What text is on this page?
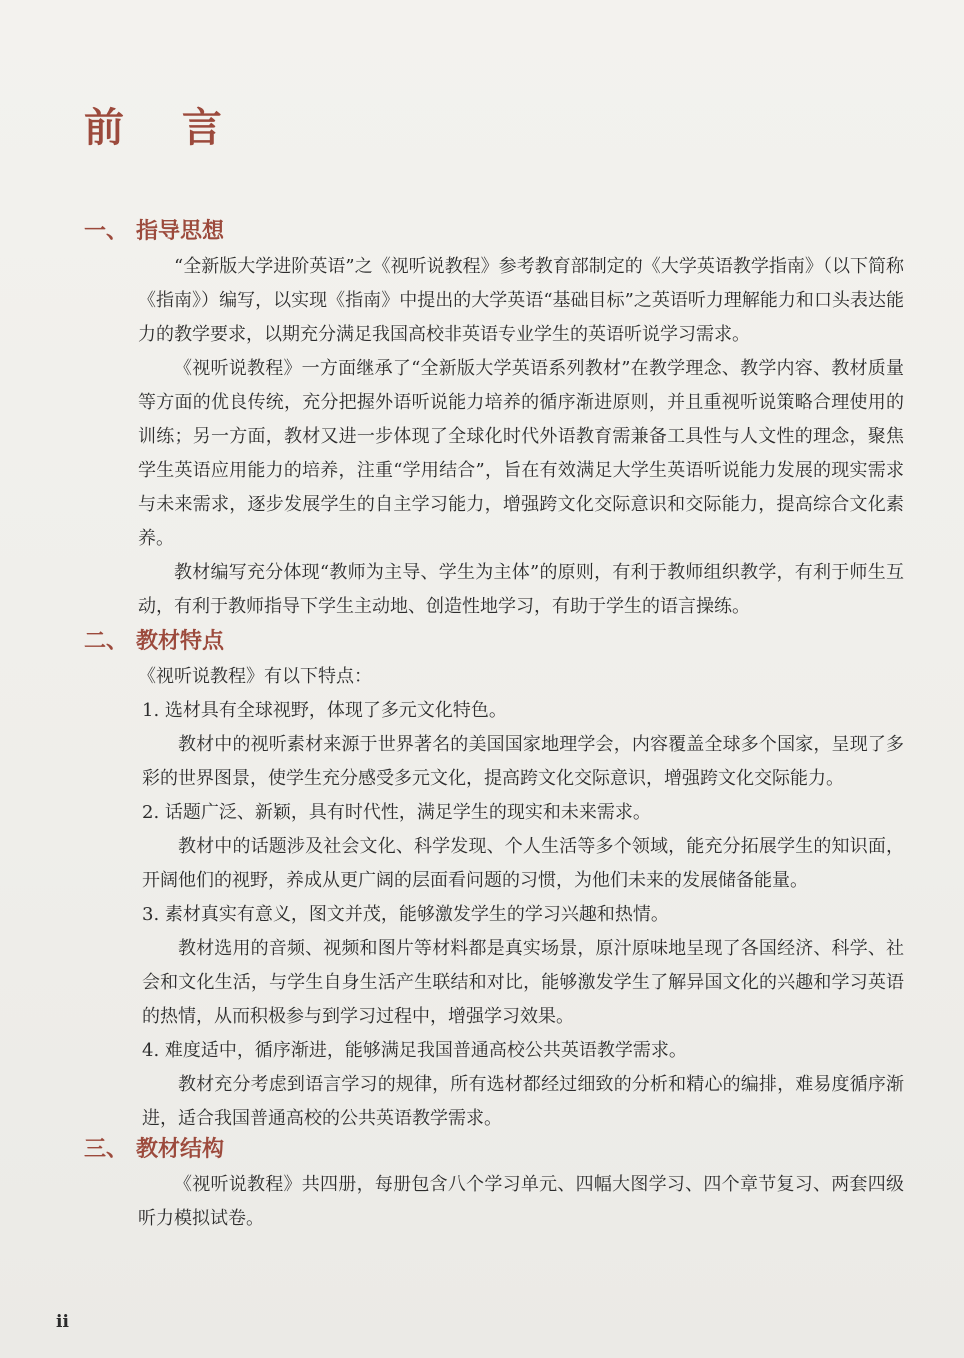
前 言
一、 指导思想

“全新版大学进阶英语”之《视听说教程》参考教育部制定的《大学英语教学指南》（以下简称《指南》）编写，以实现《指南》中提出的大学英语“基础目标”之英语听力理解能力和口头表达能力的教学要求，以期充分满足我国高校非英语专业学生的英语听说学习需求。

《视听说教程》一方面继承了“全新版大学英语系列教材”在教学理念、教学内容、教材质量等方面的优良传统，充分把握外语听说能力培养的循序渐进原则，并且重视听说策略合理使用的训练；另一方面，教材又进一步体现了全球化时代外语教育需兼备工具性与人文性的理念，聚焦学生英语应用能力的培养，注重“学用结合”，旨在有效满足大学生英语听说能力发展的现实需求与未来需求，逐步发展学生的自主学习能力，增强跨文化交际意识和交际能力，提高综合文化素养。

教材编写充分体现“教师为主导、学生为主体”的原则，有利于教师组织教学，有利于师生互动，有利于教师指导下学生主动地、创造性地学习，有助于学生的语言操练。

二、 教材特点

《视听说教程》有以下特点：

1. 选材具有全球视野，体现了多元文化特色。

教材中的视听素材来源于世界著名的美国国家地理学会，内容覆盖全球多个国家，呈现了多彩的世界图景，使学生充分感受多元文化，提高跨文化交际意识，增强跨文化交际能力。

2. 话题广泛、新颖，具有时代性，满足学生的现实和未来需求。

教材中的话题涉及社会文化、科学发现、个人生活等多个领域，能充分拓展学生的知识面，开阔他们的视野，养成从更广阔的层面看问题的习惯，为他们未来的发展储备能量。

3. 素材真实有意义，图文并茂，能够激发学生的学习兴趣和热情。

教材选用的音频、视频和图片等材料都是真实场景，原汁原味地呈现了各国经济、科学、社会和文化生活，与学生自身生活产生联结和对比，能够激发学生了解异国文化的兴趣和学习英语的热情，从而积极参与到学习过程中，增强学习效果。

4. 难度适中，循序渐进，能够满足我国普通高校公共英语教学需求。

教材充分考虑到语言学习的规律，所有选材都经过细致的分析和精心的编排，难易度循序渐进，适合我国普通高校的公共英语教学需求。

三、 教材结构

《视听说教程》共四册，每册包含八个学习单元、四幅大图学习、四个章节复习、两套四级听力模拟试卷。

ii
